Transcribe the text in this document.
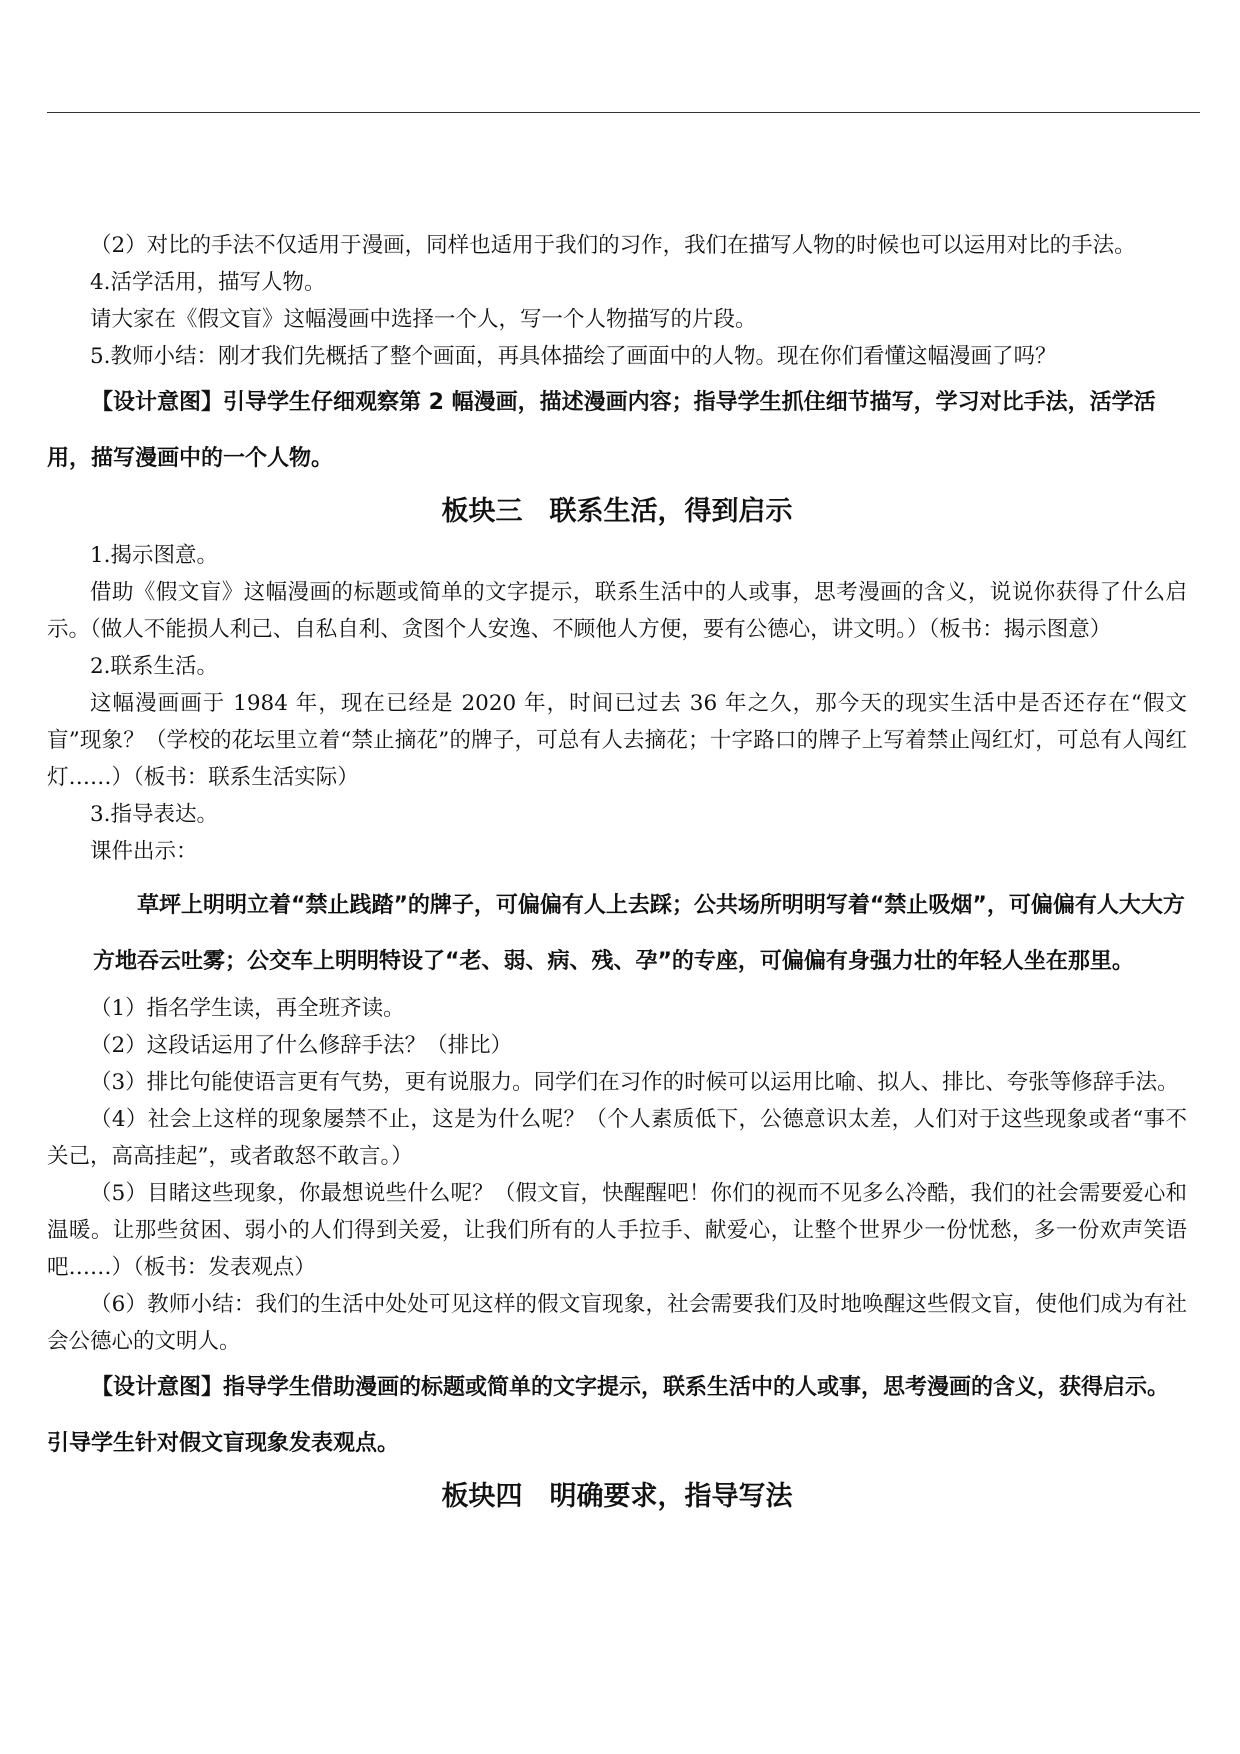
（2）对比的手法不仅适用于漫画，同样也适用于我们的习作，我们在描写人物的时候也可以运用对比的手法。

4.活学活用，描写人物。

请大家在《假文盲》这幅漫画中选择一个人，写一个人物描写的片段。

5.教师小结：刚才我们先概括了整个画面，再具体描绘了画面中的人物。现在你们看懂这幅漫画了吗？

【设计意图】引导学生仔细观察第 2 幅漫画，描述漫画内容；指导学生抓住细节描写，学习对比手法，活学活用，描写漫画中的一个人物。

板块三　联系生活，得到启示

1.揭示图意。

借助《假文盲》这幅漫画的标题或简单的文字提示，联系生活中的人或事，思考漫画的含义，说说你获得了什么启示。（做人不能损人利己、自私自利、贪图个人安逸、不顾他人方便，要有公德心，讲文明。）（板书：揭示图意）

2.联系生活。

这幅漫画画于 1984 年，现在已经是 2020 年，时间已过去 36 年之久，那今天的现实生活中是否还存在“假文盲”现象？（学校的花坛里立着“禁止摘花”的牌子，可总有人去摘花；十字路口的牌子上写着禁止闯红灯，可总有人闯红灯……）（板书：联系生活实际）

3.指导表达。

课件出示：

草坪上明明立着“禁止践踏”的牌子，可偏偏有人上去踩；公共场所明明写着“禁止吸烟”，可偏偏有人大大方方地吞云吐雾；公交车上明明特设了“老、弱、病、残、孕”的专座，可偏偏有身强力壮的年轻人坐在那里。

（1）指名学生读，再全班齐读。

（2）这段话运用了什么修辞手法？（排比）

（3）排比句能使语言更有气势，更有说服力。同学们在习作的时候可以运用比喻、拟人、排比、夸张等修辞手法。

（4）社会上这样的现象屡禁不止，这是为什么呢？（个人素质低下，公德意识太差，人们对于这些现象或者“事不关己，高高挂起”，或者敢怒不敢言。）

（5）目睹这些现象，你最想说些什么呢？（假文盲，快醒醒吧！你们的视而不见多么冷酷，我们的社会需要爱心和温暖。让那些贫困、弱小的人们得到关爱，让我们所有的人手拉手、献爱心，让整个世界少一份忧愁，多一份欢声笑语吧……）（板书：发表观点）

（6）教师小结：我们的生活中处处可见这样的假文盲现象，社会需要我们及时地唤醒这些假文盲，使他们成为有社会公德心的文明人。

【设计意图】指导学生借助漫画的标题或简单的文字提示，联系生活中的人或事，思考漫画的含义，获得启示。引导学生针对假文盲现象发表观点。

板块四　明确要求，指导写法
